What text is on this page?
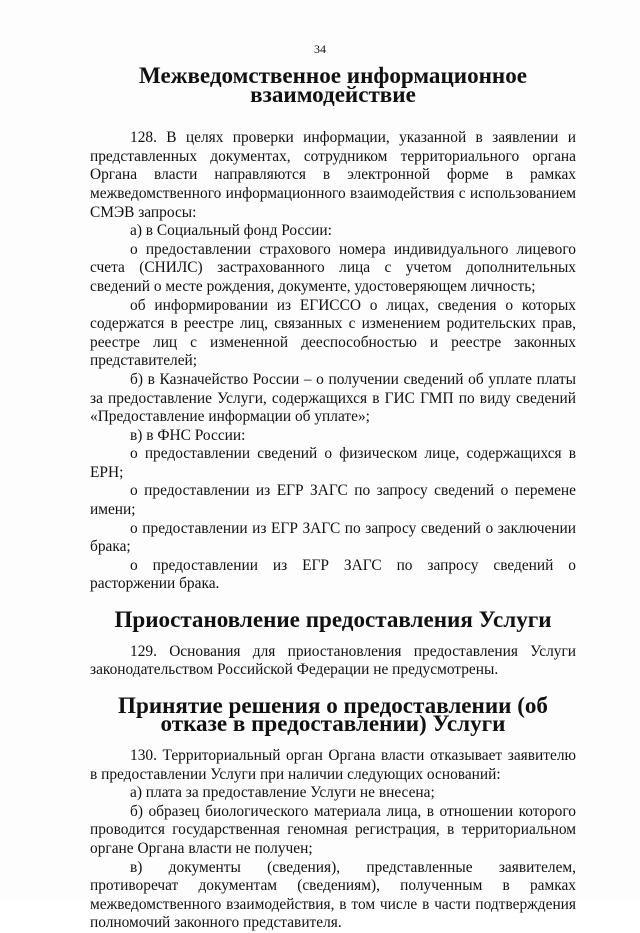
34
Межведомственное информационное взаимодействие

128. В целях проверки информации, указанной в заявлении и представленных документах, сотрудником территориального органа Органа власти направляются в электронной форме в рамках межведомственного информационного взаимодействия с использованием СМЭВ запросы:

а) в Социальный фонд России:

о предоставлении страхового номера индивидуального лицевого счета (СНИЛС) застрахованного лица с учетом дополнительных сведений о месте рождения, документе, удостоверяющем личность;

об информировании из ЕГИССО о лицах, сведения о которых содержатся в реестре лиц, связанных с изменением родительских прав, реестре лиц с измененной дееспособностью и реестре законных представителей;

б) в Казначейство России – о получении сведений об уплате платы за предоставление Услуги, содержащихся в ГИС ГМП по виду сведений «Предоставление информации об уплате»;

в) в ФНС России:

о предоставлении сведений о физическом лице, содержащихся в ЕРН;

о предоставлении из ЕГР ЗАГС по запросу сведений о перемене имени;

о предоставлении из ЕГР ЗАГС по запросу сведений о заключении брака;

о предоставлении из ЕГР ЗАГС по запросу сведений о расторжении брака.

Приостановление предоставления Услуги

129. Основания для приостановления предоставления Услуги законодательством Российской Федерации не предусмотрены.

Принятие решения о предоставлении (об отказе в предоставлении) Услуги

130. Территориальный орган Органа власти отказывает заявителю в предоставлении Услуги при наличии следующих оснований:

а) плата за предоставление Услуги не внесена;

б) образец биологического материала лица, в отношении которого проводится государственная геномная регистрация, в территориальном органе Органа власти не получен;

в) документы (сведения), представленные заявителем, противоречат документам (сведениям), полученным в рамках межведомственного взаимодействия, в том числе в части подтверждения полномочий законного представителя.
